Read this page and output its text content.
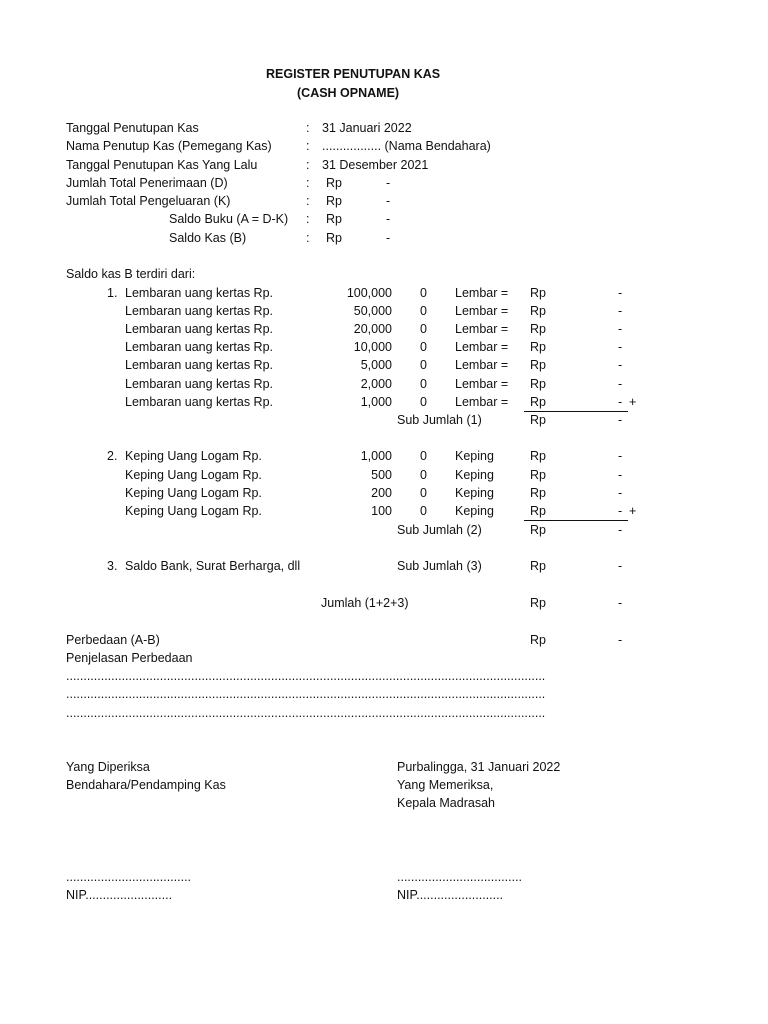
REGISTER PENUTUPAN KAS
(CASH OPNAME)
Tanggal Penutupan Kas	: 31 Januari 2022
Nama Penutup Kas (Pemegang Kas)	: ................. (Nama Bendahara)
Tanggal Penutupan Kas Yang Lalu	: 31 Desember 2021
Jumlah Total Penerimaan (D)	: Rp	-
Jumlah Total Pengeluaran (K)	: Rp	-
Saldo Buku (A = D-K) : Rp	-
Saldo Kas (B)	: Rp	-
Saldo kas B terdiri dari:
1. Lembaran uang kertas Rp.	100,000 0 Lembar = Rp	-
Lembaran uang kertas Rp.	50,000 0 Lembar = Rp	-
Lembaran uang kertas Rp.	20,000 0 Lembar = Rp	-
Lembaran uang kertas Rp.	10,000 0 Lembar = Rp	-
Lembaran uang kertas Rp.	5,000 0 Lembar = Rp	-
Lembaran uang kertas Rp.	2,000 0 Lembar = Rp	-
Lembaran uang kertas Rp.	1,000 0 Lembar = Rp	- +
Sub Jumlah (1)	Rp	-
2. Keping Uang Logam Rp.	1,000 0 Keping	Rp	-
Keping Uang Logam Rp.	500 0 Keping	Rp	-
Keping Uang Logam Rp.	200 0 Keping	Rp	-
Keping Uang Logam Rp.	100 0 Keping	Rp	- +
Sub Jumlah (2)	Rp	-
3. Saldo Bank, Surat Berharga, dll	Sub Jumlah (3)	Rp	-
Jumlah (1+2+3)	Rp	-
Perbedaan (A-B)	Rp	-
Penjelasan Perbedaan
..........................................................................................................................................
..........................................................................................................................................
..........................................................................................................................................
Yang Diperiksa
Bendahara/Pendamping Kas
....................................
NIP.........................
Purbalingga, 31 Januari 2022
Yang Memeriksa,
Kepala Madrasah
....................................
NIP.........................
